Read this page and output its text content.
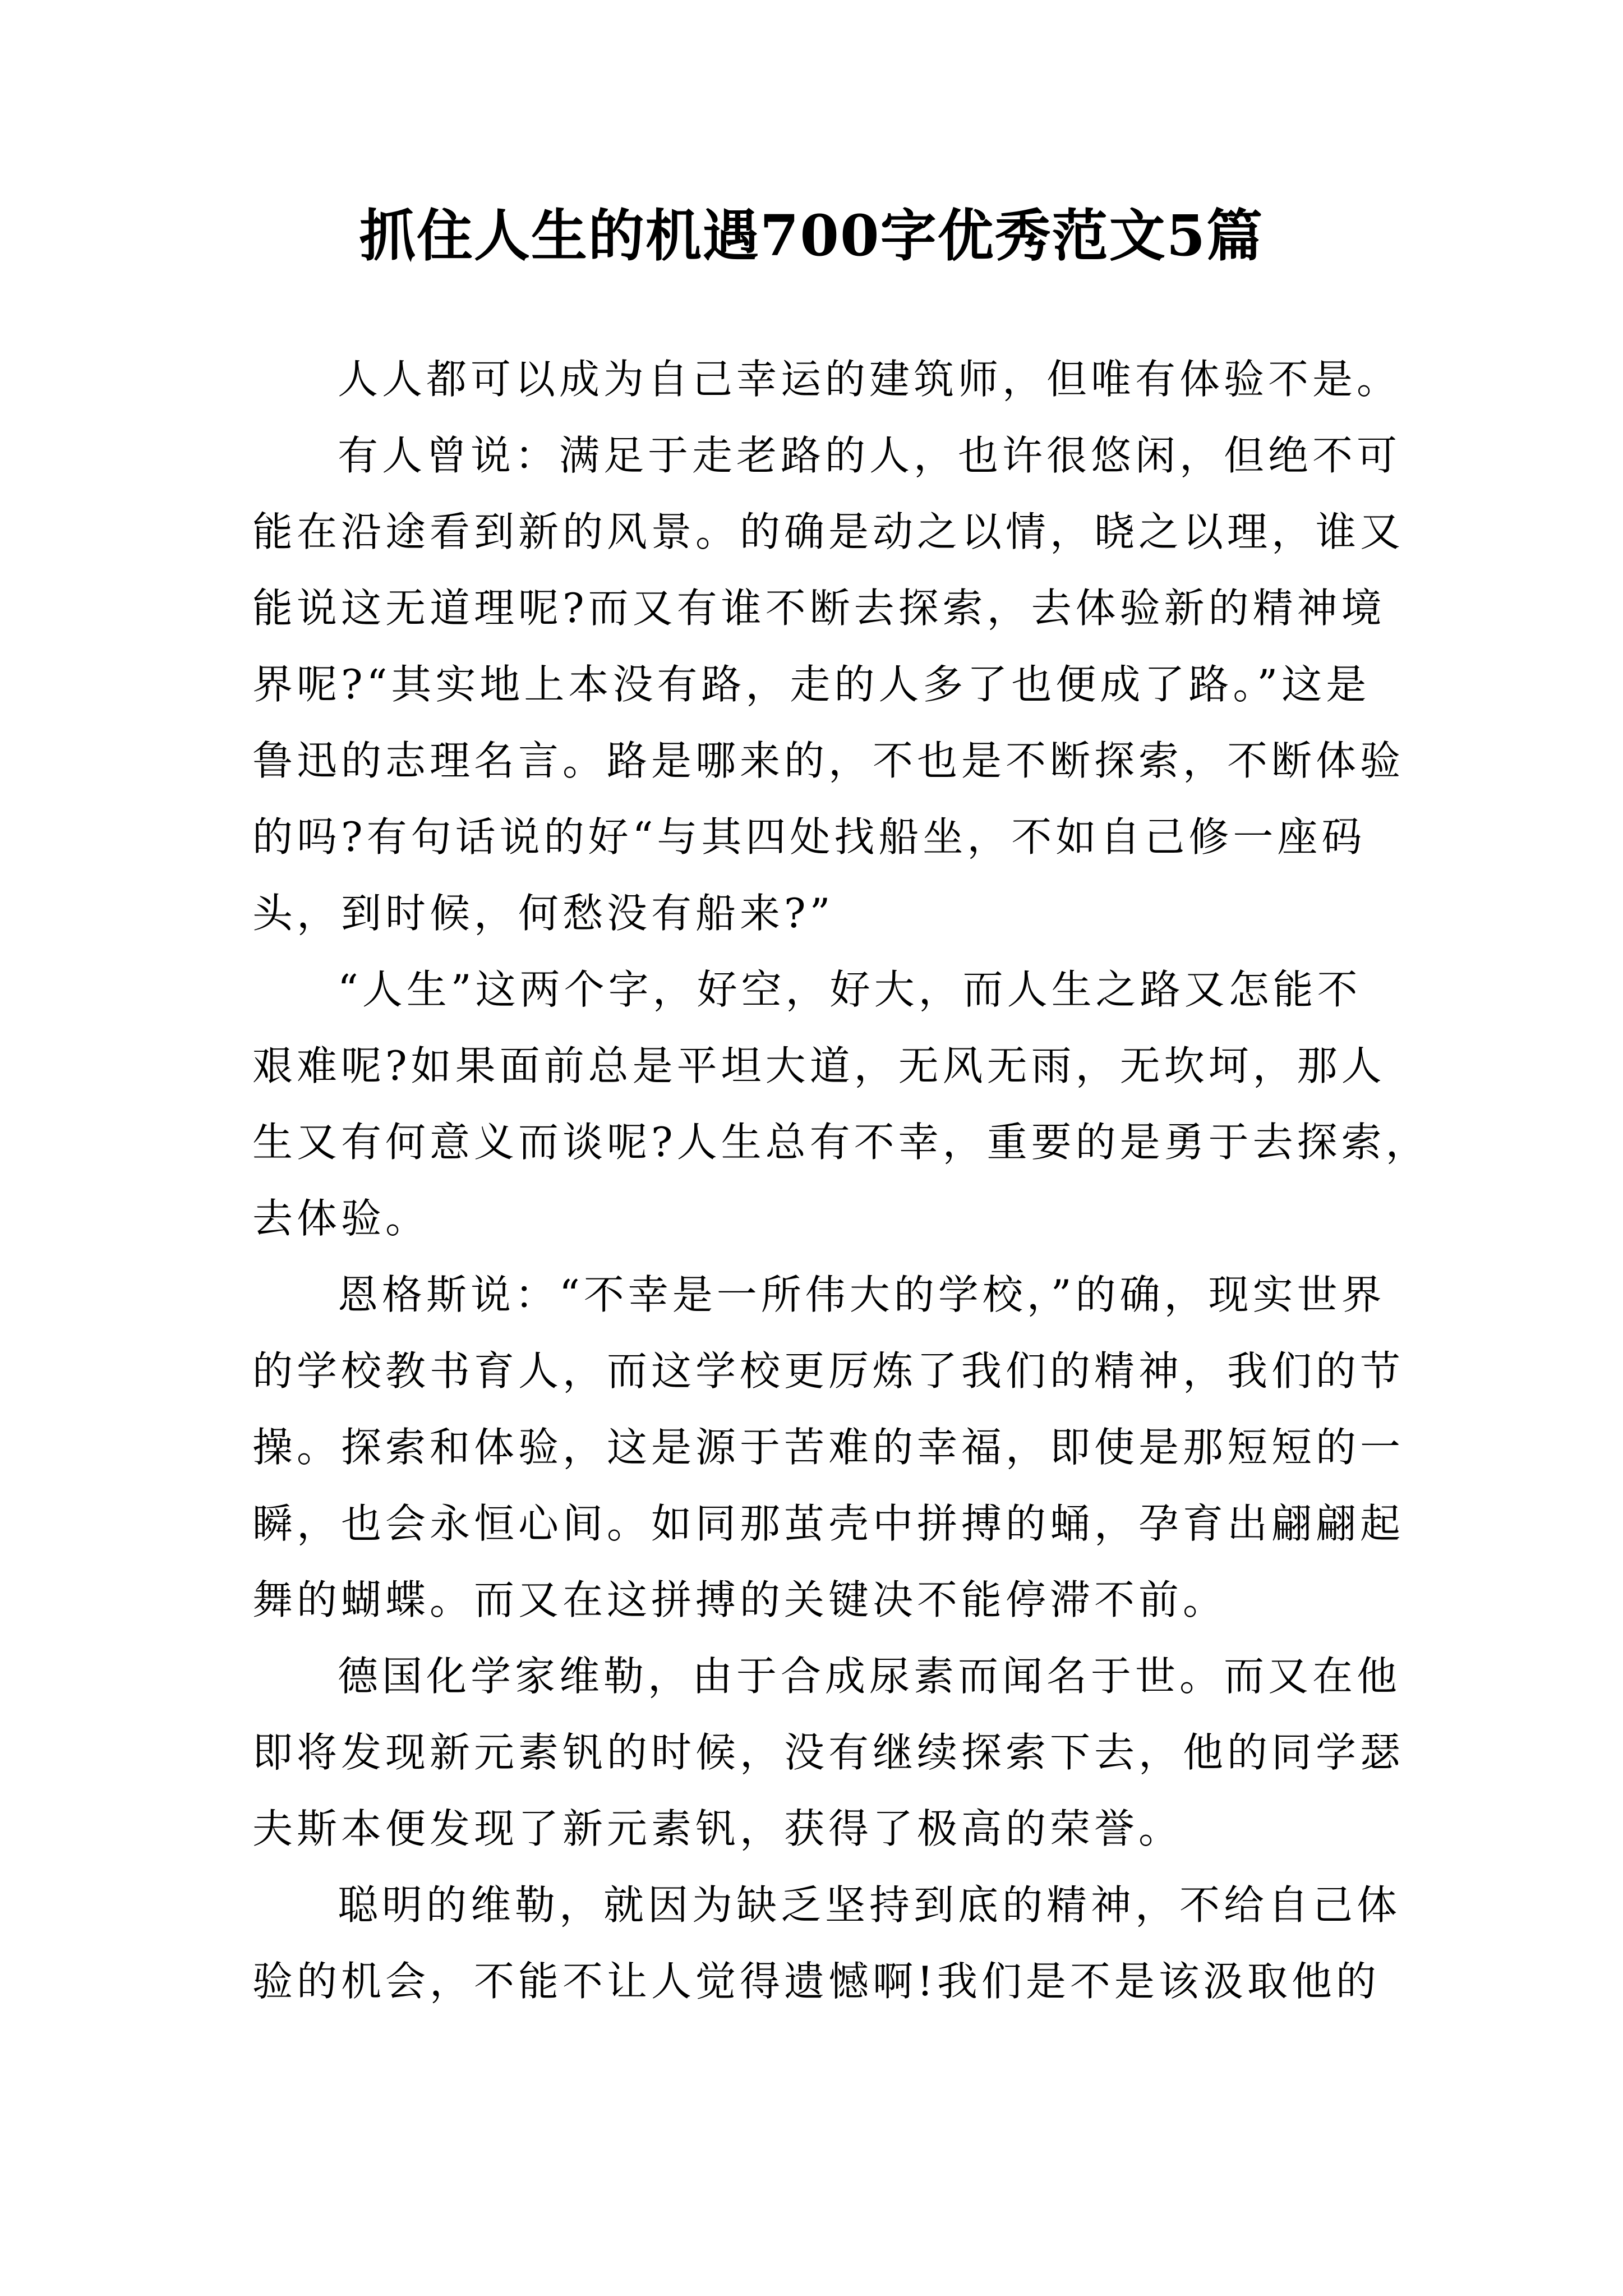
抓住人生的机遇700字优秀范文5篇
人人都可以成为自己幸运的建筑师，但唯有体验不是。
有人曾说：满足于走老路的人，也许很悠闲，但绝不可
能在沿途看到新的风景。的确是动之以情，晓之以理，谁又
能说这无道理呢?而又有谁不断去探索，去体验新的精神境
界呢?“其实地上本没有路，走的人多了也便成了路。”这是
鲁迅的志理名言。路是哪来的，不也是不断探索，不断体验
的吗?有句话说的好“与其四处找船坐，不如自己修一座码
头，到时候，何愁没有船来?”
“人生”这两个字，好空，好大，而人生之路又怎能不
艰难呢?如果面前总是平坦大道，无风无雨，无坎坷，那人
生又有何意义而谈呢?人生总有不幸，重要的是勇于去探索，
去体验。
恩格斯说：“不幸是一所伟大的学校，”的确，现实世界
的学校教书育人，而这学校更厉炼了我们的精神，我们的节
操。探索和体验，这是源于苦难的幸福，即使是那短短的一
瞬，也会永恒心间。如同那茧壳中拼搏的蛹，孕育出翩翩起
舞的蝴蝶。而又在这拼搏的关键决不能停滞不前。
德国化学家维勒，由于合成尿素而闻名于世。而又在他
即将发现新元素钒的时候，没有继续探索下去，他的同学瑟
夫斯本便发现了新元素钒，获得了极高的荣誉。
聪明的维勒，就因为缺乏坚持到底的精神，不给自己体
验的机会，不能不让人觉得遗憾啊!我们是不是该汲取他的
